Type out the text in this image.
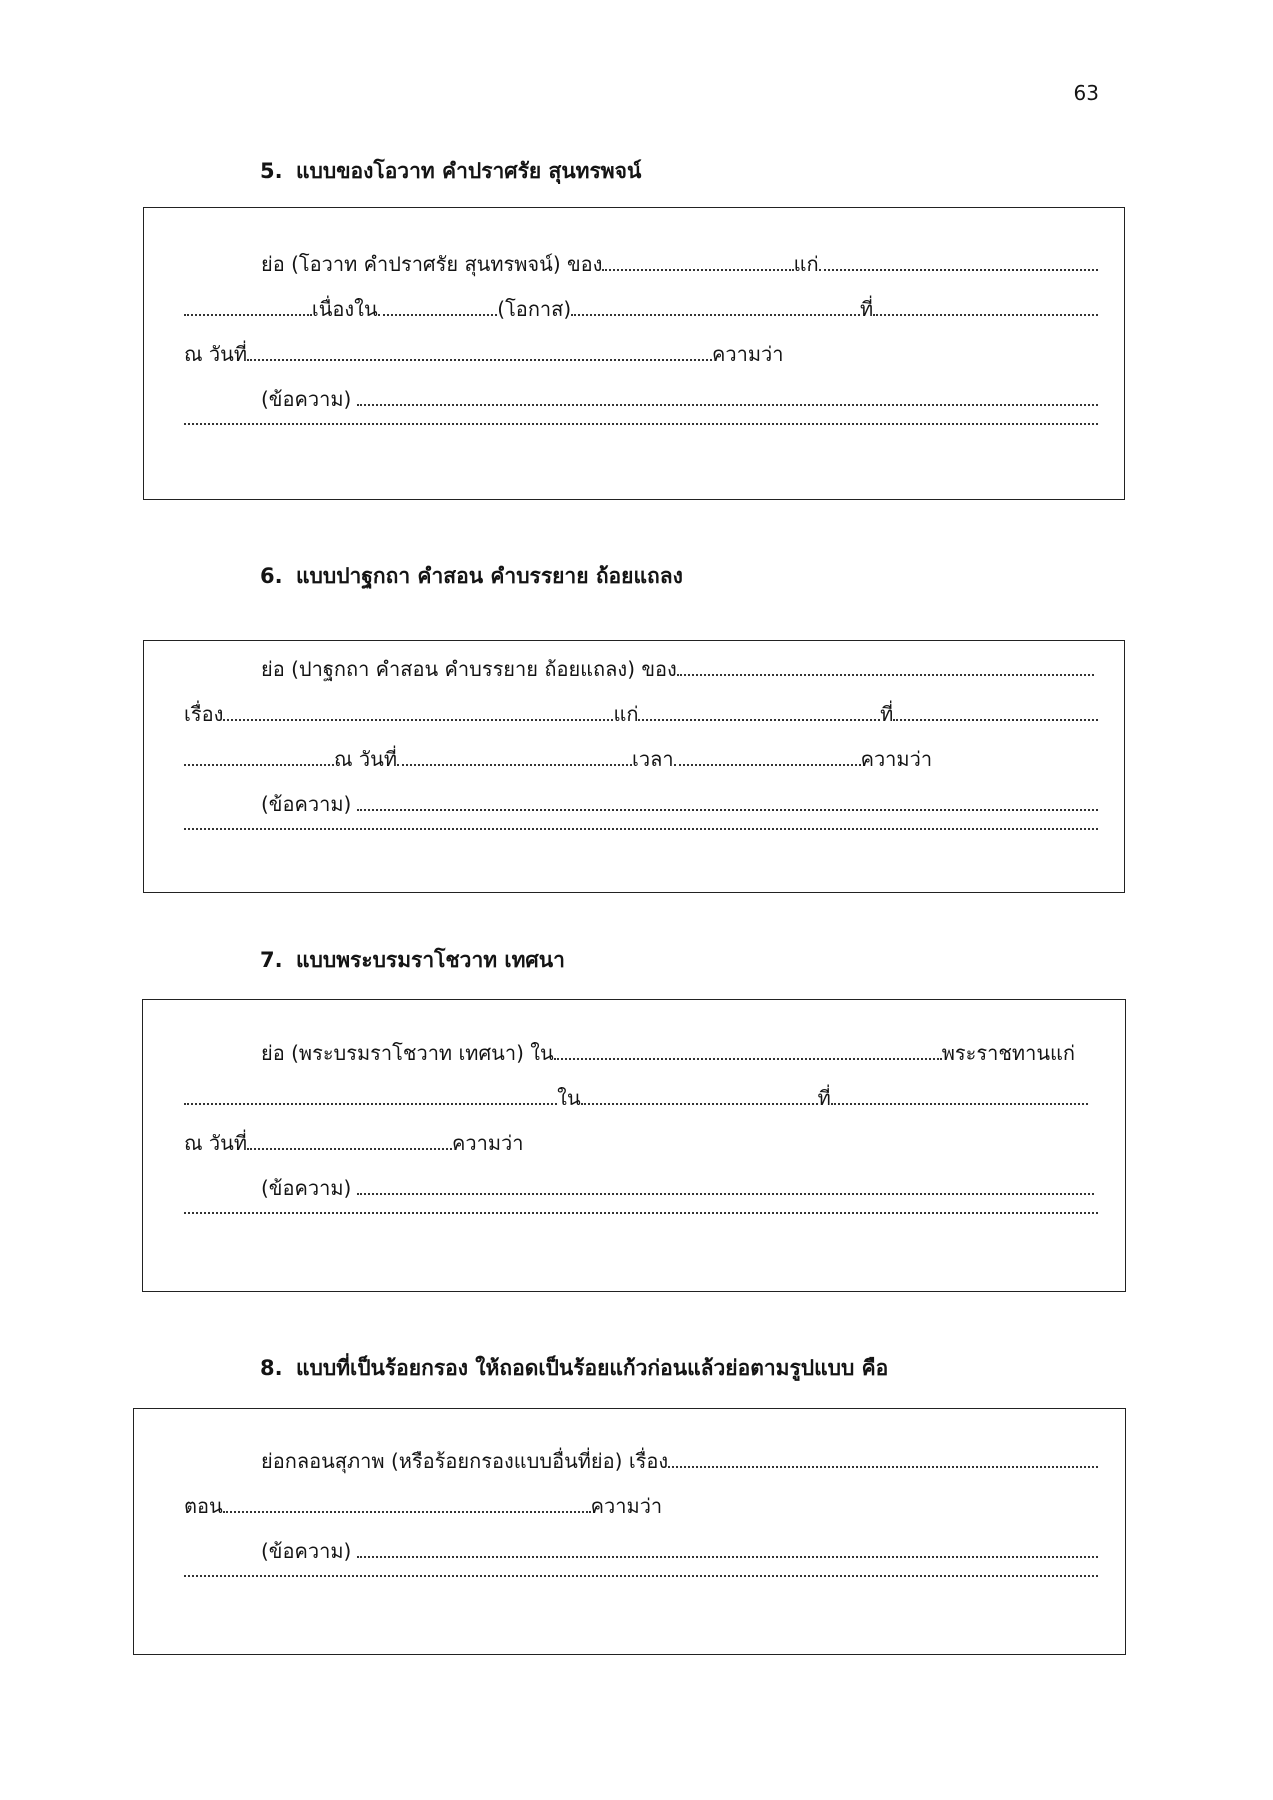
63
5. แบบของโอวาท คำปราศรัย สุนทรพจน์
ย่อ (โอวาท คำปราศรัย สุนทรพจน์) ของ	แก่
เนื่องใน	(โอกาส)	ที่
ณ วันที่	ความว่า
(ข้อความ)
6. แบบปาฐกถา คำสอน คำบรรยาย ถ้อยแถลง
ย่อ (ปาฐกถา คำสอน คำบรรยาย ถ้อยแถลง) ของ
เรื่อง	แก่	ที่
ณ วันที่	เวลา	ความว่า
(ข้อความ)
7. แบบพระบรมราโชวาท เทศนา
ย่อ (พระบรมราโชวาท เทศนา) ใน	พระราชทานแก่
ใน	ที่
ณ วันที่	ความว่า
(ข้อความ)
8. แบบที่เป็นร้อยกรอง ให้ถอดเป็นร้อยแก้วก่อนแล้วย่อตามรูปแบบ คือ
ย่อกลอนสุภาพ (หรือร้อยกรองแบบอื่นที่ย่อ) เรื่อง
ตอน	ความว่า
(ข้อความ)
